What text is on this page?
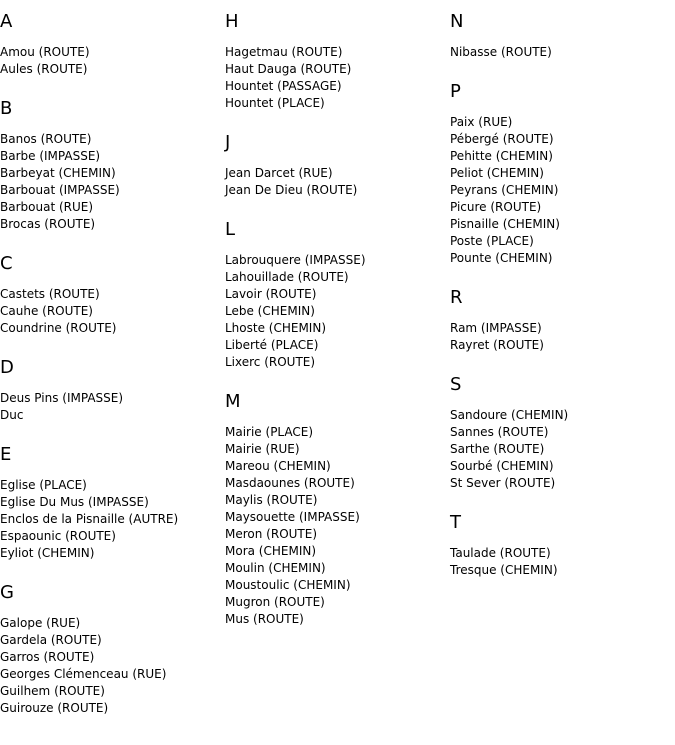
A
Amou (ROUTE)
Aules (ROUTE)
B
Banos (ROUTE)
Barbe (IMPASSE)
Barbeyat (CHEMIN)
Barbouat (IMPASSE)
Barbouat (RUE)
Brocas (ROUTE)
C
Castets (ROUTE)
Cauhe (ROUTE)
Coundrine (ROUTE)
D
Deus Pins (IMPASSE)
Duc
E
Eglise (PLACE)
Eglise Du Mus (IMPASSE)
Enclos de la Pisnaille (AUTRE)
Espaounic (ROUTE)
Eyliot (CHEMIN)
G
Galope (RUE)
Gardela (ROUTE)
Garros (ROUTE)
Georges Clémenceau (RUE)
Guilhem (ROUTE)
Guirouze (ROUTE)
H
Hagetmau (ROUTE)
Haut Dauga (ROUTE)
Hountet (PASSAGE)
Hountet (PLACE)
J
Jean Darcet (RUE)
Jean De Dieu (ROUTE)
L
Labrouquere (IMPASSE)
Lahouillade (ROUTE)
Lavoir (ROUTE)
Lebe (CHEMIN)
Lhoste (CHEMIN)
Liberté (PLACE)
Lixerc (ROUTE)
M
Mairie (PLACE)
Mairie (RUE)
Mareou (CHEMIN)
Masdaounes (ROUTE)
Maylis (ROUTE)
Maysouette (IMPASSE)
Meron (ROUTE)
Mora (CHEMIN)
Moulin (CHEMIN)
Moustoulic (CHEMIN)
Mugron (ROUTE)
Mus (ROUTE)
N
Nibasse (ROUTE)
P
Paix (RUE)
Pébergé (ROUTE)
Pehitte (CHEMIN)
Peliot (CHEMIN)
Peyrans (CHEMIN)
Picure (ROUTE)
Pisnaille (CHEMIN)
Poste (PLACE)
Pounte (CHEMIN)
R
Ram (IMPASSE)
Rayret (ROUTE)
S
Sandoure (CHEMIN)
Sannes (ROUTE)
Sarthe (ROUTE)
Sourbé (CHEMIN)
St Sever (ROUTE)
T
Taulade (ROUTE)
Tresque (CHEMIN)
